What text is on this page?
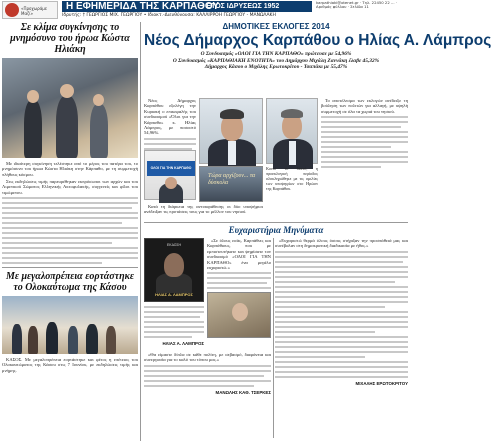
«Προχωράμε Μαζί»
Η ΕΦΗΜΕΡΙΔΑ ΤΗΣ ΚΑΡΠΑΘΟΥ
• ΕΤΟΣ ΙΔΡΥΣΕΩΣ 1952
Ιδρυτής: † ΓΕΩΡΓΙΟΣ ΜΙΧ. ΓΕΩΡΓΙΟΥ • Ιδιοκτ.-Διευθύνουσα: ΚΑΛΛΙΡΡΟΗ ΓΕΩΡΓΙΟΥ - ΜΑΝΩΛΑΚΗ
karpathiaki@otenet.gr · Τηλ. 22450 22 ... · Αριθμός φύλλου · Σελίδα 11
Σε κλίμα συγκίνησης το μνημόσυνο του ήρωα Κώστα Ηλιάκη

Με ιδιαίτερη συγκίνηση τελέστηκε από το μέρος του πατέρα του, το μνημόσυνο του ήρωα Κώστα Ηλιάκη στην Κάρπαθο, με τη συμμετοχή πλήθους κόσμου.

Στις εκδηλώσεις τιμής παρευρέθηκαν εκπρόσωποι των αρχών και του Λιμενικού Σώματος Ελληνικής Ακτοφυλακής, συγγενείς και φίλοι του τιμώμενου.

Με μεγαλοπρέπεια εορτάστηκε το Ολοκαύτωμα της Κάσου

ΚΑΣΟΣ. Με μεγαλοπρέπεια εορτάστηκε και φέτος η επέτειος του Ολοκαυτώματος της Κάσου στις 7 Ιουνίου, με εκδηλώσεις τιμής και μνήμης.

ΔΗΜΟΤΙΚΕΣ ΕΚΛΟΓΕΣ 2014
Νέος Δήμαρχος Καρπάθου ο Ηλίας Α. Λάμπρος
Ο Συνδυασμός «ΟΛΟΙ ΓΙΑ ΤΗΝ ΚΑΡΠΑΘΟ» πρώτευσε με 54,96%
Ο Συνδυασμός «ΚΑΡΠΑΘΙΑΚΗ ΕΝΟΤΗΤΑ» του Δημάρχου Μιχάλη Ζαννάκη έλαβε 45,32%
Δήμαρχος Κάσου ο Μιχάλης Ερωτοκρίτου - Τσαπάκι με 55,47%

Νέος Δήμαρχος Καρπάθου εξελέγη την Κυριακή ο επικεφαλής του συνδυασμού «Όλοι για την Κάρπαθο» κ. Ηλίας Λάμπρος, με ποσοστό 54,96%.

Τώρα αρχίζουν... τα δύσκολα

Το αποτέλεσμα των εκλογών ανέδειξε τη βούληση των πολιτών για αλλαγή, με υψηλή συμμετοχή σε όλα τα χωριά του νησιού.

ΟΛΟΙ ΓΙΑ ΤΗΝ ΚΑΡΠΑΘΟ	Κοινό το δεκτό, η προεκλογική περίοδος ολοκληρώθηκε με τις ομιλίες των υποψηφίων στο Ηρώον της Καρπάθου.

Κατά τη διάρκεια της αντιπαράθεσης οι δύο υποψήφιοι ανέδειξαν τις προτάσεις τους για το μέλλον του νησιού.

Ευχαριστήρια Μηνύματα
ΕΚΔΟΣΗ
ΗΛΙΑΣ Α. ΛΑΜΠΡΟΣ

«Σε όλους εσάς, Καρπάθιες και Καρπάθιους, που με εμπιστευτήκατε και ψηφίσατε τον συνδυασμό «ΟΛΟΙ ΓΙΑ ΤΗΝ ΚΑΡΠΑΘΟ» ένα μεγάλο ευχαριστώ.»

ΗΛΙΑΣ Α. ΛΑΜΠΡΟΣ

«Θα είμαστε δίπλα σε κάθε πολίτη, με σεβασμό, διαφάνεια και συνεργασία για το καλό του τόπου μας.»

ΜΑΝΩΛΗΣ ΚΑΘ. ΤΣΕΡΚΕΣ

«Ευχαριστώ θερμά όλους όσους στήριξαν την προσπάθειά μας και συνέβαλαν στη δημοκρατική διαδικασία με ήθος.»

ΜΙΧΑΛΗΣ ΕΡΩΤΟΚΡΙΤΟΥ
